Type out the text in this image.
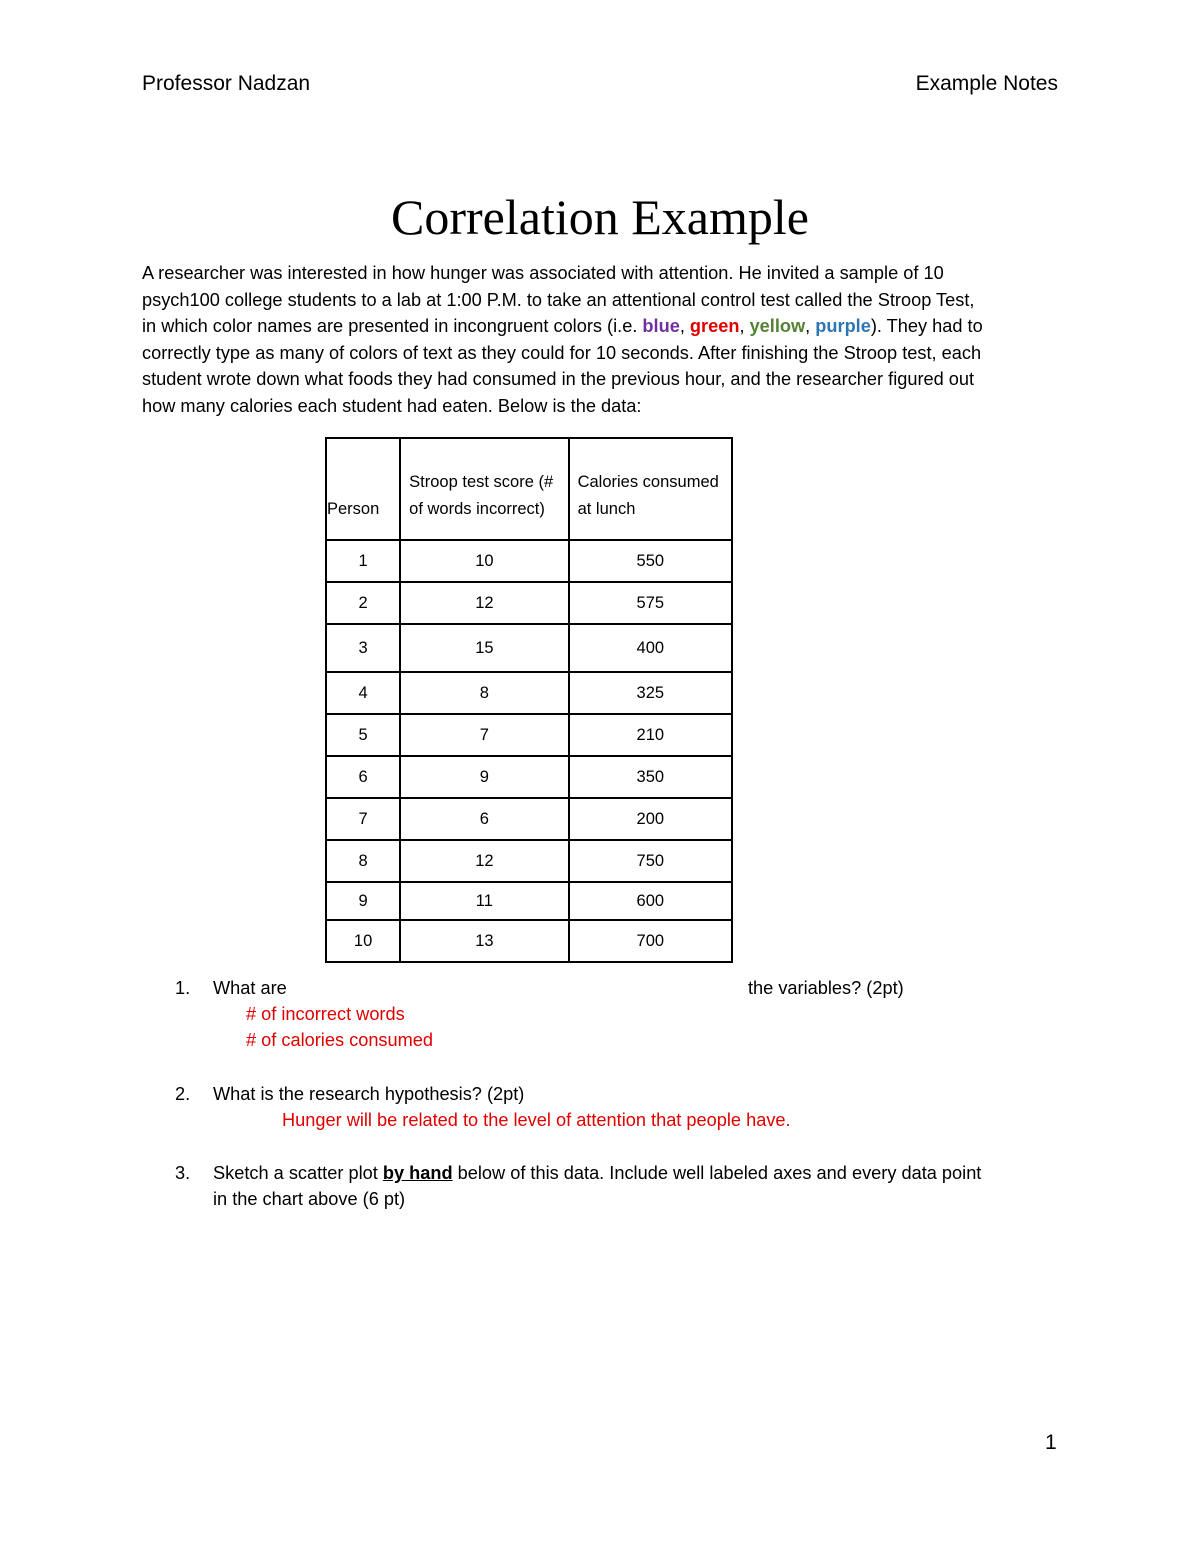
Professor Nadzan	Example Notes
Correlation Example
A researcher was interested in how hunger was associated with attention. He invited a sample of 10
psych100 college students to a lab at 1:00 P.M. to take an attentional control test called the Stroop Test,
in which color names are presented in incongruent colors (i.e. blue, green, yellow, purple). They had to
correctly type as many of colors of text as they could for 10 seconds. After finishing the Stroop test, each
student wrote down what foods they had consumed in the previous hour, and the researcher figured out
how many calories each student had eaten. Below is the data:
Person	Stroop test score (# of words incorrect)	Calories consumed at lunch
1	10	550
2	12	575
3	15	400
4	8	325
5	7	210
6	9	350
7	6	200
8	12	750
9	11	600
10	13	700
1. What are	the variables? (2pt)
# of incorrect words
# of calories consumed
2. What is the research hypothesis? (2pt)
Hunger will be related to the level of attention that people have.
3. Sketch a scatter plot by hand below of this data. Include well labeled axes and every data point
in the chart above (6 pt)
1
